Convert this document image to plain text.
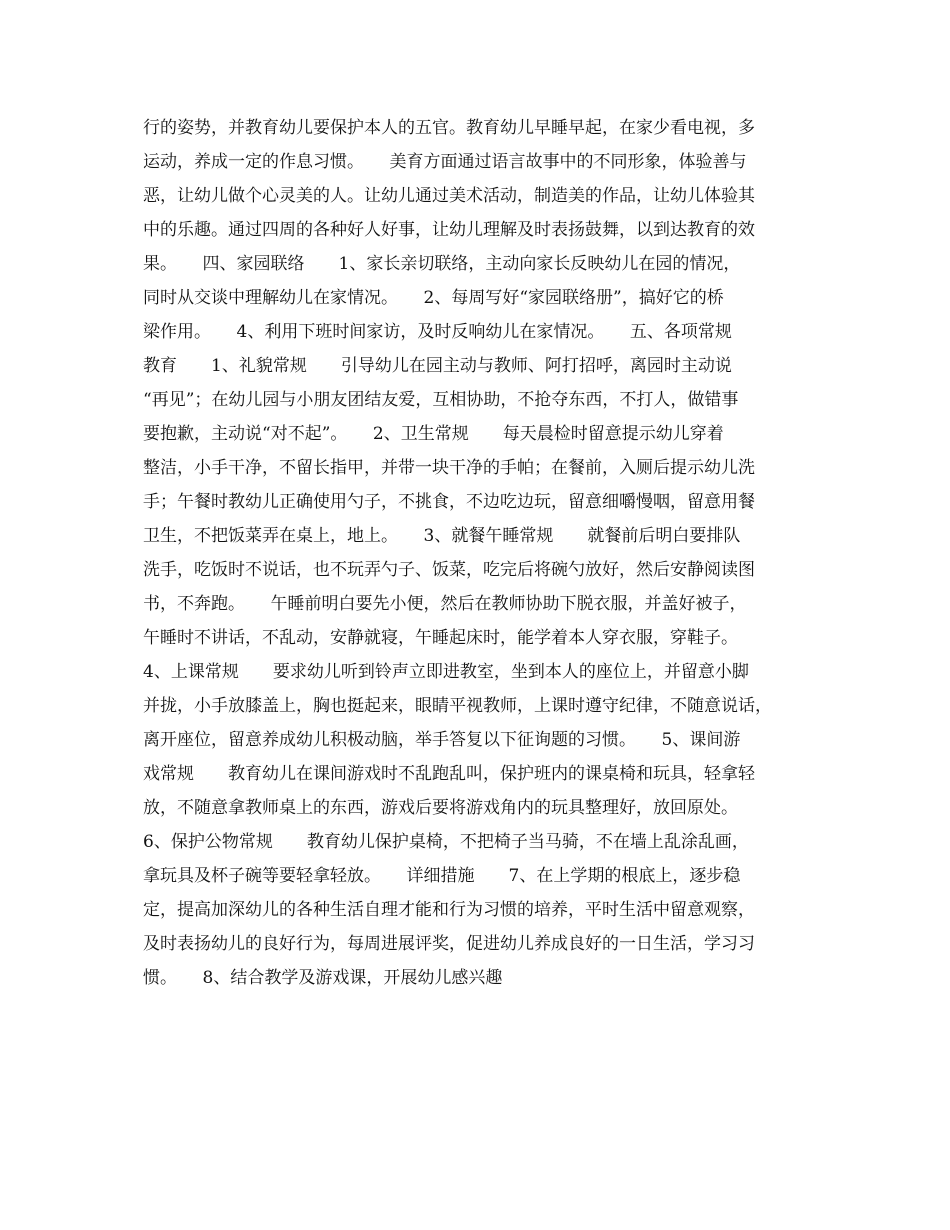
行的姿势，并教育幼儿要保护本人的五官。教育幼儿早睡早起，在家少看电视，多
运动，养成一定的作息习惯。　　美育方面通过语言故事中的不同形象，体验善与
恶，让幼儿做个心灵美的人。让幼儿通过美术活动，制造美的作品，让幼儿体验其
中的乐趣。通过四周的各种好人好事，让幼儿理解及时表扬鼓舞，以到达教育的效
果。　　四、家园联络　　1、家长亲切联络，主动向家长反映幼儿在园的情况，
同时从交谈中理解幼儿在家情况。　　2、每周写好“家园联络册”，搞好它的桥
梁作用。　　4、利用下班时间家访，及时反响幼儿在家情况。　　五、各项常规
教育　　1、礼貌常规　　引导幼儿在园主动与教师、阿打招呼，离园时主动说
“再见”；在幼儿园与小朋友团结友爱，互相协助，不抢夺东西，不打人，做错事
要抱歉，主动说“对不起”。　　2、卫生常规　　每天晨检时留意提示幼儿穿着
整洁，小手干净，不留长指甲，并带一块干净的手帕；在餐前，入厕后提示幼儿洗
手；午餐时教幼儿正确使用勺子，不挑食，不边吃边玩，留意细嚼慢咽，留意用餐
卫生，不把饭菜弄在桌上，地上。　　3、就餐午睡常规　　就餐前后明白要排队
洗手，吃饭时不说话，也不玩弄勺子、饭菜，吃完后将碗勺放好，然后安静阅读图
书，不奔跑。　　午睡前明白要先小便，然后在教师协助下脱衣服，并盖好被子，
午睡时不讲话，不乱动，安静就寝，午睡起床时，能学着本人穿衣服，穿鞋子。
4、上课常规　　要求幼儿听到铃声立即进教室，坐到本人的座位上，并留意小脚
并拢，小手放膝盖上，胸也挺起来，眼睛平视教师，上课时遵守纪律，不随意说话，
离开座位，留意养成幼儿积极动脑，举手答复以下征询题的习惯。　　5、课间游
戏常规　　教育幼儿在课间游戏时不乱跑乱叫，保护班内的课桌椅和玩具，轻拿轻
放，不随意拿教师桌上的东西，游戏后要将游戏角内的玩具整理好，放回原处。
6、保护公物常规　　教育幼儿保护桌椅，不把椅子当马骑，不在墙上乱涂乱画，
拿玩具及杯子碗等要轻拿轻放。　　详细措施　　7、在上学期的根底上，逐步稳
定，提高加深幼儿的各种生活自理才能和行为习惯的培养，平时生活中留意观察，
及时表扬幼儿的良好行为，每周进展评奖，促进幼儿养成良好的一日生活，学习习
惯。　　8、结合教学及游戏课，开展幼儿感兴趣
